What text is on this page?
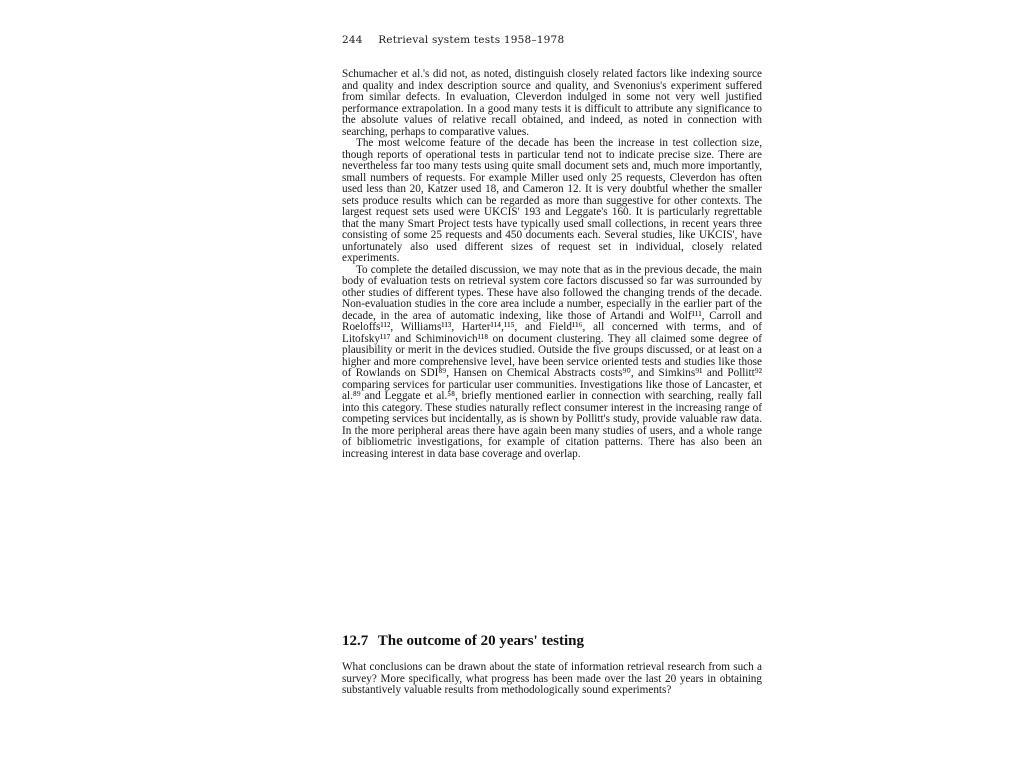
244 Retrieval system tests 1958–1978

Schumacher et al.'s did not, as noted, distinguish closely related factors like indexing source and quality and index description source and quality, and Svenonius's experiment suffered from similar defects. In evaluation, Cleverdon indulged in some not very well justified performance extrapolation. In a good many tests it is difficult to attribute any significance to the absolute values of relative recall obtained, and indeed, as noted in connection with searching, perhaps to comparative values.

The most welcome feature of the decade has been the increase in test collection size, though reports of operational tests in particular tend not to indicate precise size. There are nevertheless far too many tests using quite small document sets and, much more importantly, small numbers of requests. For example Miller used only 25 requests, Cleverdon has often used less than 20, Katzer used 18, and Cameron 12. It is very doubtful whether the smaller sets produce results which can be regarded as more than suggestive for other contexts. The largest request sets used were UKCIS' 193 and Leggate's 160. It is particularly regrettable that the many Smart Project tests have typically used small collections, in recent years three consisting of some 25 requests and 450 documents each. Several studies, like UKCIS', have unfortunately also used different sizes of request set in individual, closely related experiments.

To complete the detailed discussion, we may note that as in the previous decade, the main body of evaluation tests on retrieval system core factors discussed so far was surrounded by other studies of different types. These have also followed the changing trends of the decade. Non-evaluation studies in the core area include a number, especially in the earlier part of the decade, in the area of automatic indexing, like those of Artandi and Wolf¹¹¹, Carroll and Roeloffs¹¹², Williams¹¹³, Harter¹¹⁴,¹¹⁵, and Field¹¹⁶, all concerned with terms, and of Litofsky¹¹⁷ and Schiminovich¹¹⁸ on document clustering. They all claimed some degree of plausibility or merit in the devices studied. Outside the five groups discussed, or at least on a higher and more comprehensive level, have been service oriented tests and studies like those of Rowlands on SDI⁸⁹, Hansen on Chemical Abstracts costs⁹⁰, and Simkins⁹¹ and Pollitt⁹² comparing services for particular user communities. Investigations like those of Lancaster, et al.⁸⁹ and Leggate et al.⁵⁸, briefly mentioned earlier in connection with searching, really fall into this category. These studies naturally reflect consumer interest in the increasing range of competing services but incidentally, as is shown by Pollitt's study, provide valuable raw data. In the more peripheral areas there have again been many studies of users, and a whole range of bibliometric investigations, for example of citation patterns. There has also been an increasing interest in data base coverage and overlap.

12.7 The outcome of 20 years' testing

What conclusions can be drawn about the state of information retrieval research from such a survey? More specifically, what progress has been made over the last 20 years in obtaining substantively valuable results from methodologically sound experiments?
